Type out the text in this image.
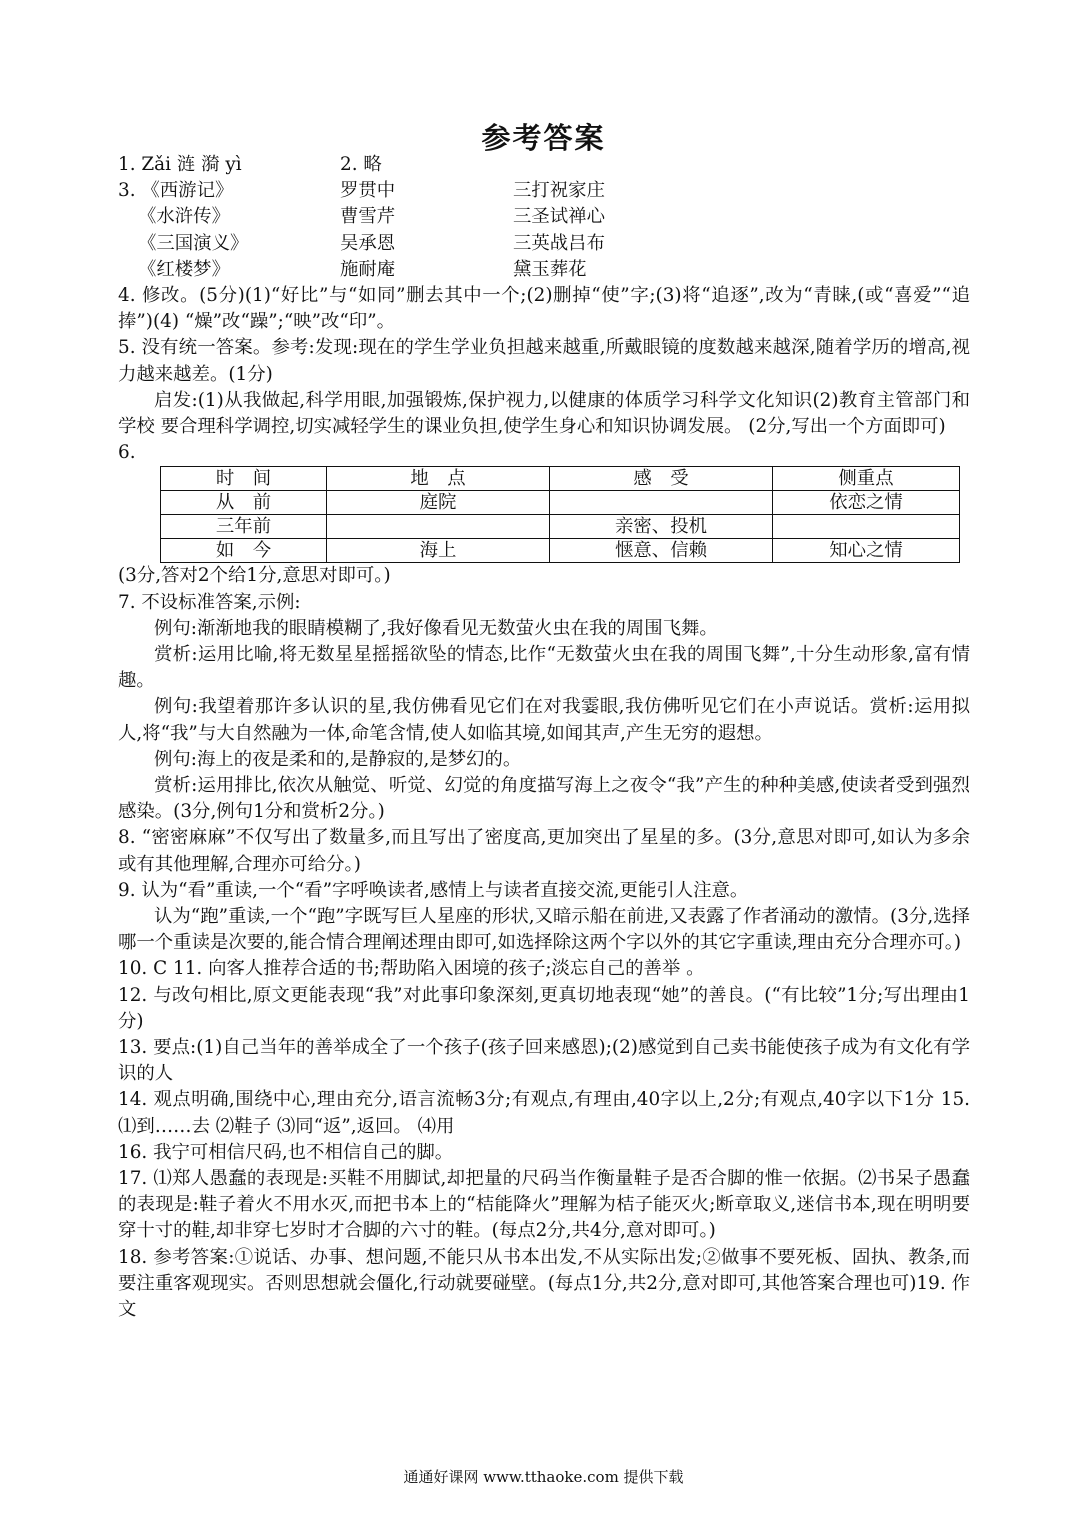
参考答案
1. Zǎi 涟 漪 yì	2. 略
3. 《西游记》	罗贯中	三打祝家庄
《水浒传》	曹雪芹	三圣试禅心
《三国演义》	吴承恩	三英战吕布
《红楼梦》	施耐庵	黛玉葬花

4. 修改。(5分)(1)“好比”与“如同”删去其中一个;(2)删掉“使”字;(3)将“追逐”,改为“青睐,(或“喜爱”“追捧”)(4) “燥”改“躁”;“映”改“印”。

5. 没有统一答案。参考:发现:现在的学生学业负担越来越重,所戴眼镜的度数越来越深,随着学历的增高,视力越来越差。(1分)

启发:(1)从我做起,科学用眼,加强锻炼,保护视力,以健康的体质学习科学文化知识(2)教育主管部门和学校 要合理科学调控,切实减轻学生的课业负担,使学生身心和知识协调发展。 (2分,写出一个方面即可)

6.

时　间	地　点	感　受	侧重点
从　前	庭院		依恋之情
三年前		亲密、投机	
如　今	海上	惬意、信赖	知心之情

(3分,答对2个给1分,意思对即可。)

7. 不设标准答案,示例:

例句:渐渐地我的眼睛模糊了,我好像看见无数萤火虫在我的周围飞舞。

赏析:运用比喻,将无数星星摇摇欲坠的情态,比作“无数萤火虫在我的周围飞舞”,十分生动形象,富有情趣。

例句:我望着那许多认识的星,我仿佛看见它们在对我霎眼,我仿佛听见它们在小声说话。赏析:运用拟人,将“我”与大自然融为一体,命笔含情,使人如临其境,如闻其声,产生无穷的遐想。

例句:海上的夜是柔和的,是静寂的,是梦幻的。

赏析:运用排比,依次从触觉、听觉、幻觉的角度描写海上之夜令“我”产生的种种美感,使读者受到强烈感染。(3分,例句1分和赏析2分。)

8. “密密麻麻”不仅写出了数量多,而且写出了密度高,更加突出了星星的多。(3分,意思对即可,如认为多余或有其他理解,合理亦可给分。)

9. 认为“看”重读,一个“看”字呼唤读者,感情上与读者直接交流,更能引人注意。

认为“跑”重读,一个“跑”字既写巨人星座的形状,又暗示船在前进,又表露了作者涌动的激情。(3分,选择哪一个重读是次要的,能合情合理阐述理由即可,如选择除这两个字以外的其它字重读,理由充分合理亦可。)

10. C 11. 向客人推荐合适的书;帮助陷入困境的孩子;淡忘自己的善举 。

12. 与改句相比,原文更能表现“我”对此事印象深刻,更真切地表现“她”的善良。(“有比较”1分;写出理由1分)

13. 要点:(1)自己当年的善举成全了一个孩子(孩子回来感恩);(2)感觉到自己卖书能使孩子成为有文化有学识的人

14. 观点明确,围绕中心,理由充分,语言流畅3分;有观点,有理由,40字以上,2分;有观点,40字以下1分 15. ⑴到……去 ⑵鞋子 ⑶同“返”,返回。 ⑷用

16. 我宁可相信尺码,也不相信自己的脚。

17. ⑴郑人愚蠢的表现是:买鞋不用脚试,却把量的尺码当作衡量鞋子是否合脚的惟一依据。⑵书呆子愚蠢的表现是:鞋子着火不用水灭,而把书本上的“桔能降火”理解为桔子能灭火;断章取义,迷信书本,现在明明要穿十寸的鞋,却非穿七岁时才合脚的六寸的鞋。(每点2分,共4分,意对即可。)

18. 参考答案:①说话、办事、想问题,不能只从书本出发,不从实际出发;②做事不要死板、固执、教条,而要注重客观现实。否则思想就会僵化,行动就要碰壁。(每点1分,共2分,意对即可,其他答案合理也可)19. 作文

通通好课网 www.tthaoke.com 提供下载
